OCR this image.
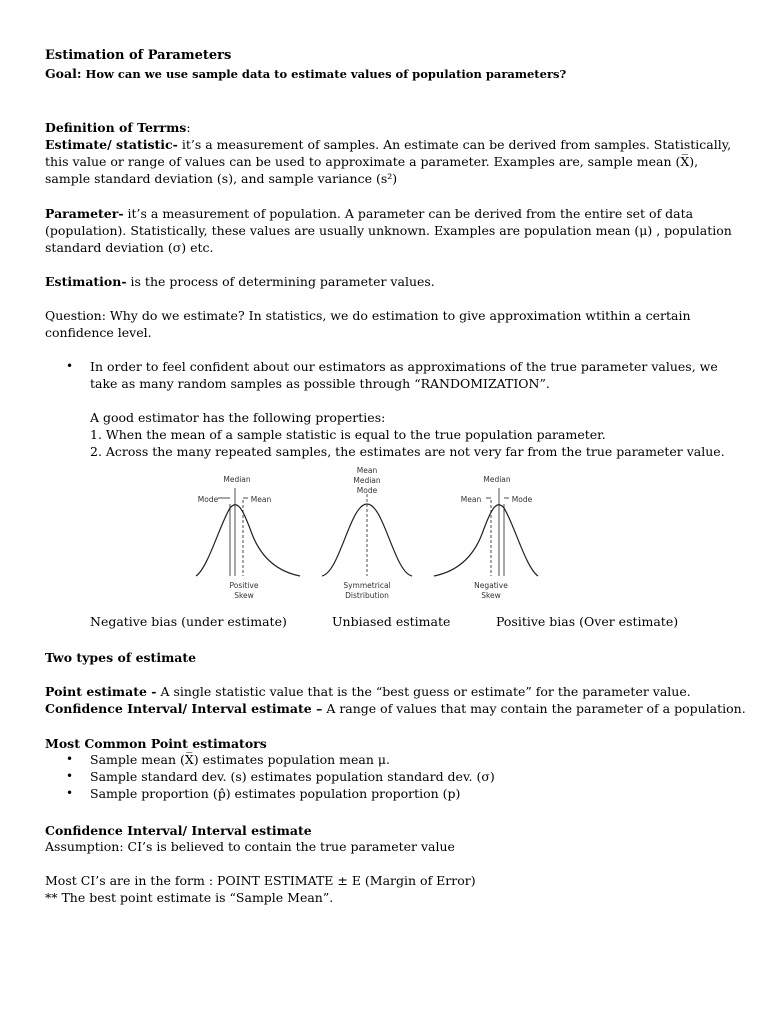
Estimation of Parameters
Goal: How can we use sample data to estimate values of population parameters?
Definition of Terrms:
Estimate/ statistic- it’s a measurement of samples. An estimate can be derived from samples. Statistically,
this value or range of values can be used to approximate a parameter. Examples are, sample mean (X̅),
sample standard deviation (s), and sample variance (s²)
Parameter- it’s a measurement of population. A parameter can be derived from the entire set of data
(population). Statistically, these values are usually unknown. Examples are population mean (μ) , population
standard deviation (σ) etc.
Estimation- is the process of determining parameter values.
Question: Why do we estimate? In statistics, we do estimation to give approximation wtithin a certain
confidence level.
• In order to feel confident about our estimators as approximations of the true parameter values, we
take as many random samples as possible through “RANDOMIZATION”.
A good estimator has the following properties:
1. When the mean of a sample statistic is equal to the true population parameter.
2. Across the many repeated samples, the estimates are not very far from the true parameter value.
Median
Mode	Mean
Positive
Skew
Mean
Median
Mode
Symmetrical
Distribution
Median
Mean	Mode
Negative
Skew
Negative bias (under estimate)	Unbiased estimate	Positive bias (Over estimate)
Two types of estimate
Point estimate - A single statistic value that is the “best guess or estimate” for the parameter value.
Confidence Interval/ Interval estimate – A range of values that may contain the parameter of a population.
Most Common Point estimators
• Sample mean (X̅) estimates population mean μ.
• Sample standard dev. (s) estimates population standard dev. (σ)
• Sample proportion (p̂) estimates population proportion (p)
Confidence Interval/ Interval estimate
Assumption: CI’s is believed to contain the true parameter value
Most CI’s are in the form : POINT ESTIMATE ± E (Margin of Error)
** The best point estimate is “Sample Mean”.
